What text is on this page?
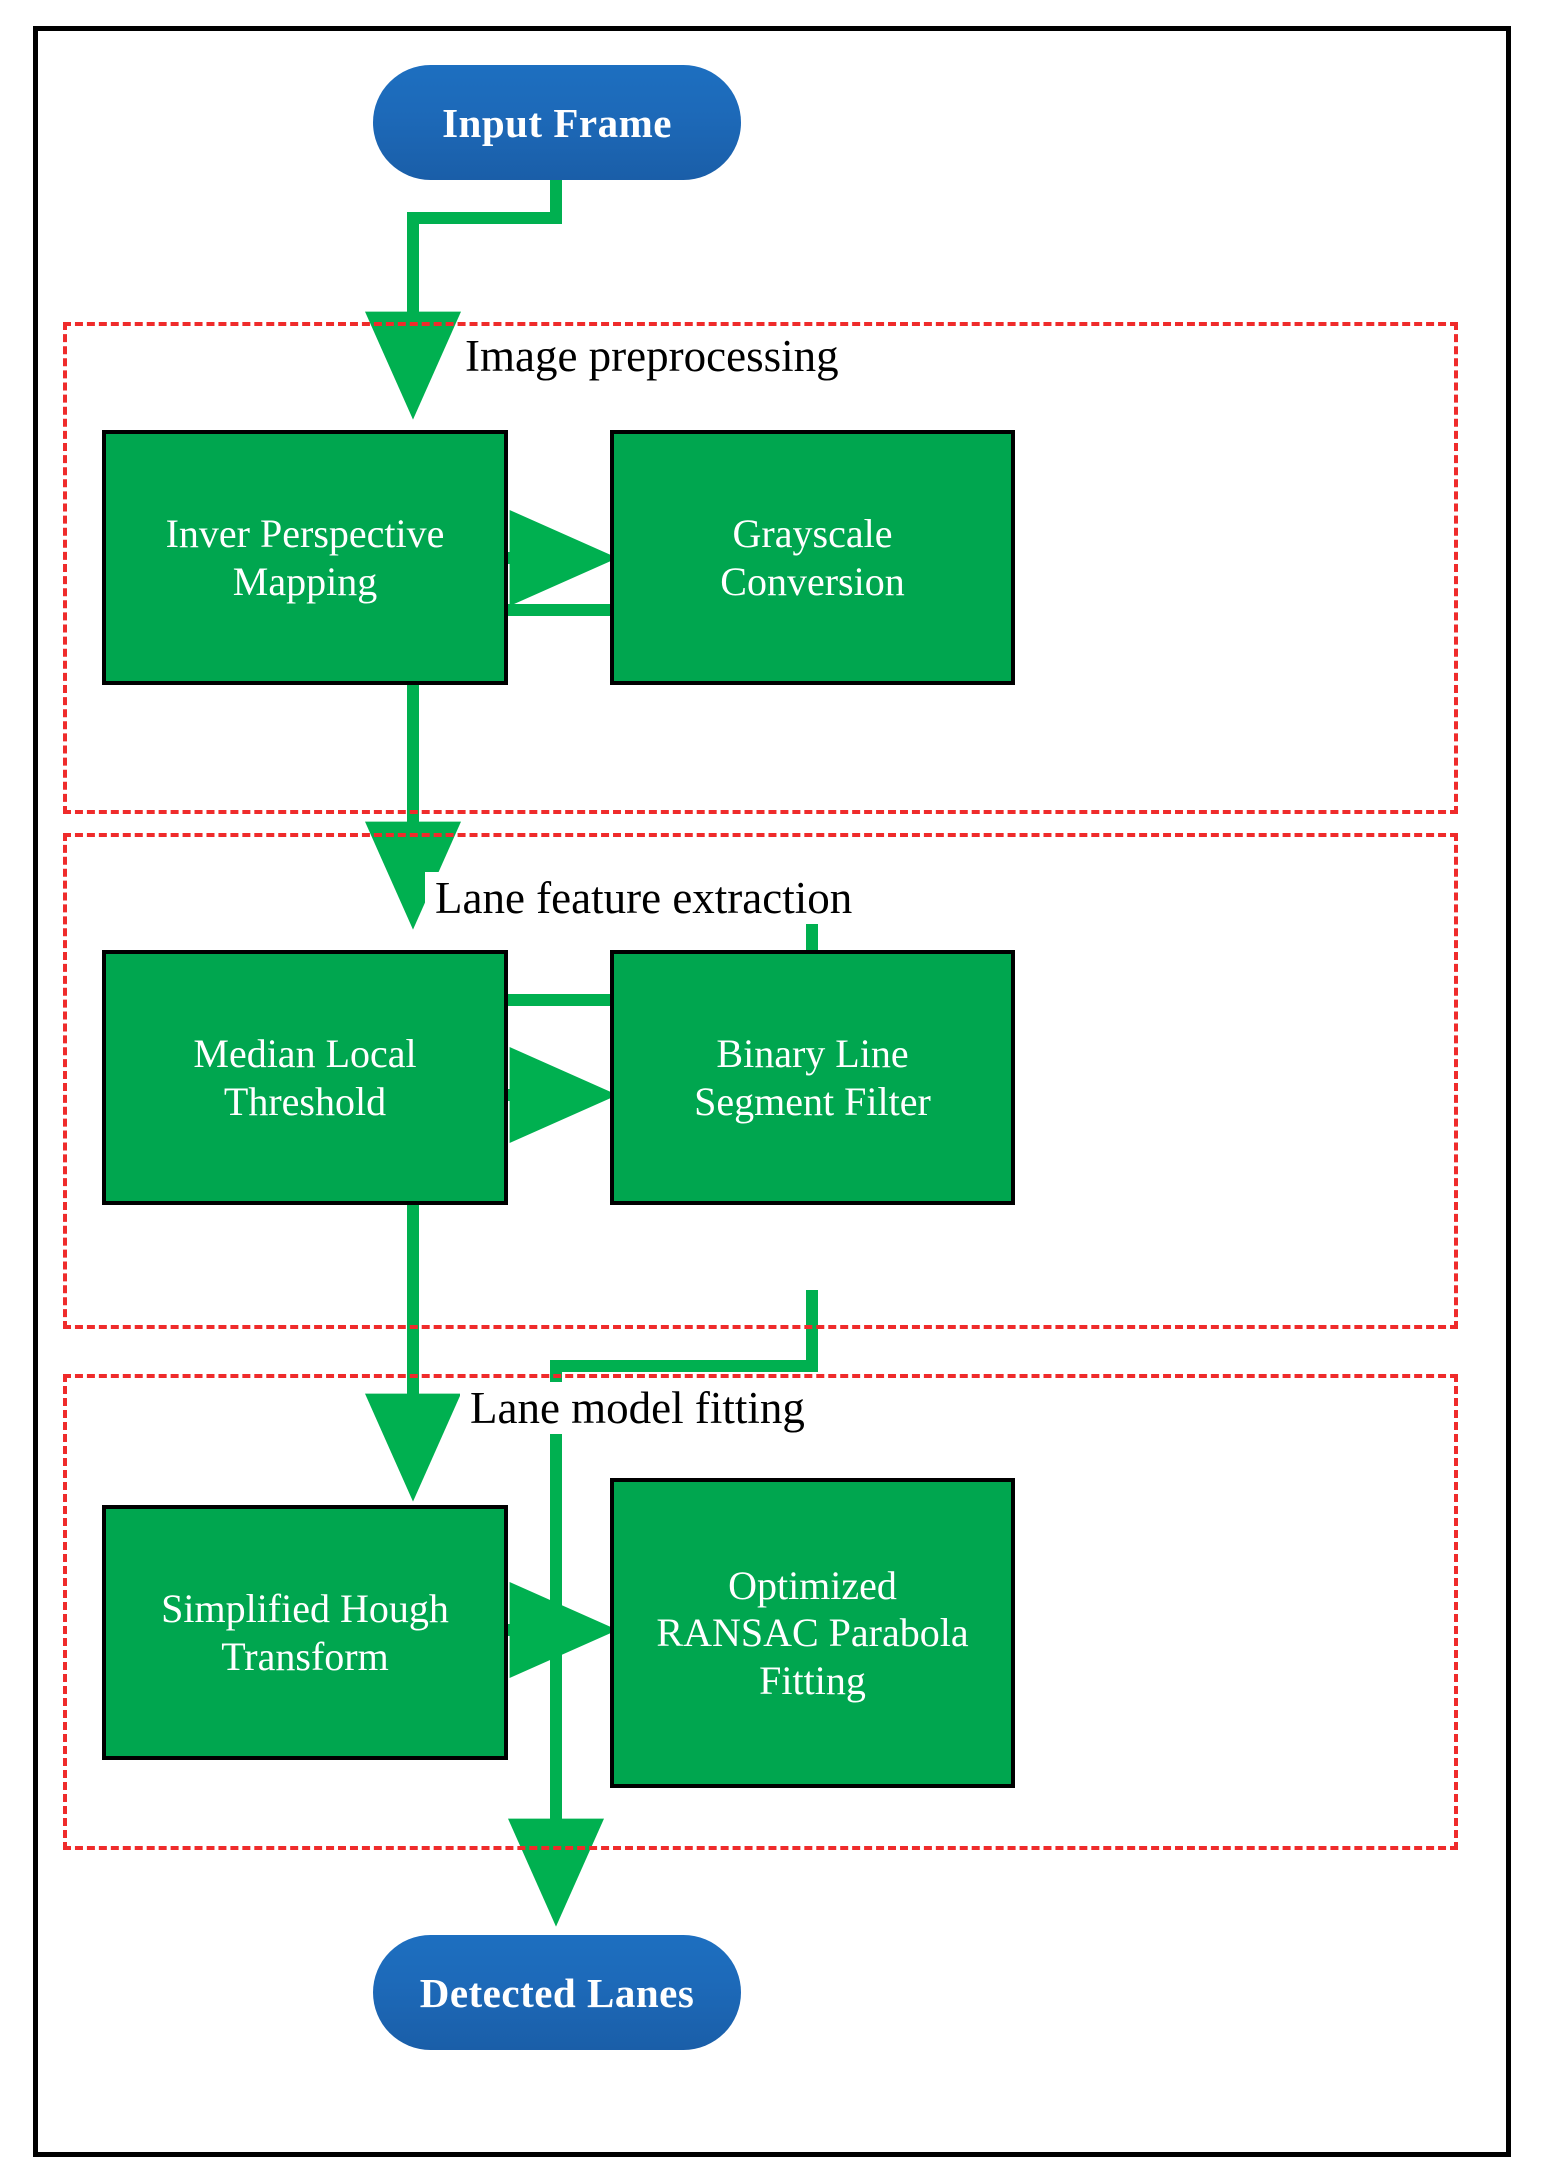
Image preprocessing
Lane feature extraction
Lane model fitting
Input Frame
Inver Perspective
Mapping
Grayscale
Conversion
Median Local
Threshold
Binary Line
Segment Filter
Simplified Hough
Transform
Optimized
RANSAC Parabola
Fitting
Detected Lanes
